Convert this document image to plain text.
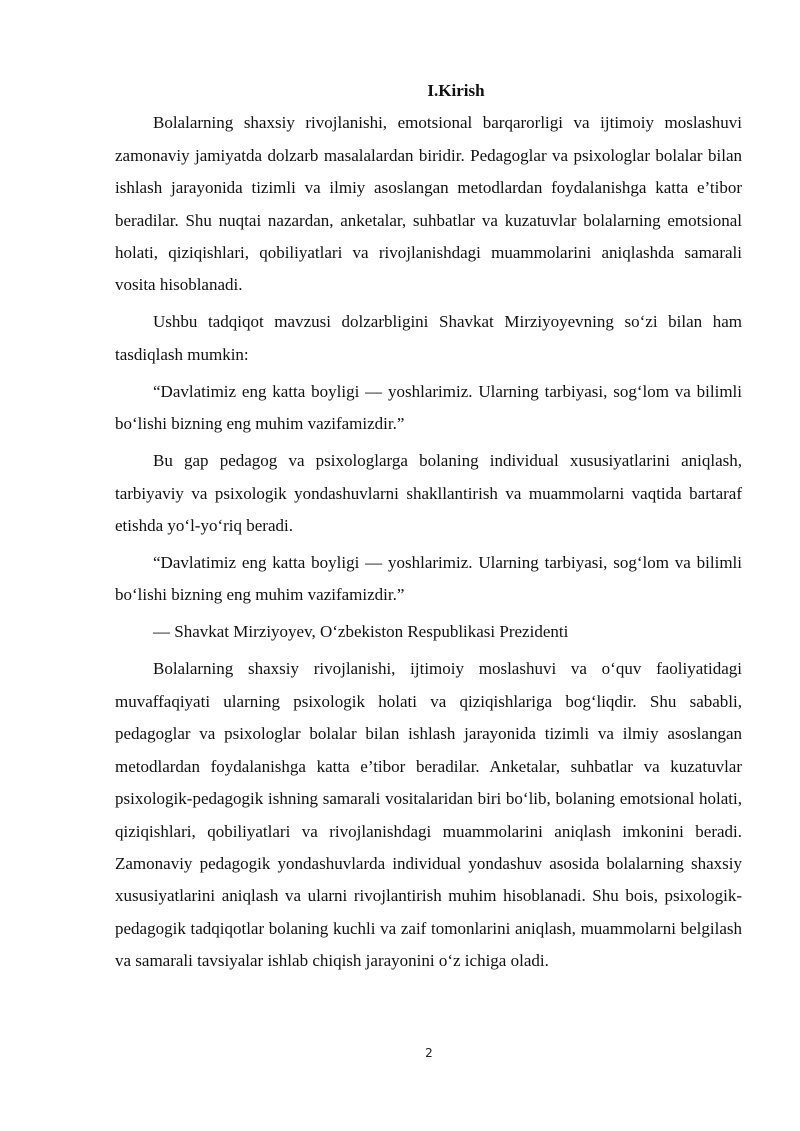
I.Kirish

Bolalarning shaxsiy rivojlanishi, emotsional barqarorligi va ijtimoiy moslashuvi zamonaviy jamiyatda dolzarb masalalardan biridir. Pedagoglar va psixologlar bolalar bilan ishlash jarayonida tizimli va ilmiy asoslangan metodlardan foydalanishga katta e’tibor beradilar. Shu nuqtai nazardan, anketalar, suhbatlar va kuzatuvlar bolalarning emotsional holati, qiziqishlari, qobiliyatlari va rivojlanishdagi muammolarini aniqlashda samarali vosita hisoblanadi.

Ushbu tadqiqot mavzusi dolzarbligini Shavkat Mirziyoyevning so‘zi bilan ham tasdiqlash mumkin:

“Davlatimiz eng katta boyligi — yoshlarimiz. Ularning tarbiyasi, sog‘lom va bilimli bo‘lishi bizning eng muhim vazifamizdir.”

Bu gap pedagog va psixologlarga bolaning individual xususiyatlarini aniqlash, tarbiyaviy va psixologik yondashuvlarni shakllantirish va muammolarni vaqtida bartaraf etishda yo‘l-yo‘riq beradi.

“Davlatimiz eng katta boyligi — yoshlarimiz. Ularning tarbiyasi, sog‘lom va bilimli bo‘lishi bizning eng muhim vazifamizdir.”

— Shavkat Mirziyoyev, O‘zbekiston Respublikasi Prezidenti

Bolalarning shaxsiy rivojlanishi, ijtimoiy moslashuvi va o‘quv faoliyatidagi muvaffaqiyati ularning psixologik holati va qiziqishlariga bog‘liqdir. Shu sababli, pedagoglar va psixologlar bolalar bilan ishlash jarayonida tizimli va ilmiy asoslangan metodlardan foydalanishga katta e’tibor beradilar. Anketalar, suhbatlar va kuzatuvlar psixologik-pedagogik ishning samarali vositalaridan biri bo‘lib, bolaning emotsional holati, qiziqishlari, qobiliyatlari va rivojlanishdagi muammolarini aniqlash imkonini beradi. Zamonaviy pedagogik yondashuvlarda individual yondashuv asosida bolalarning shaxsiy xususiyatlarini aniqlash va ularni rivojlantirish muhim hisoblanadi. Shu bois, psixologik-pedagogik tadqiqotlar bolaning kuchli va zaif tomonlarini aniqlash, muammolarni belgilash va samarali tavsiyalar ishlab chiqish jarayonini o‘z ichiga oladi.

2
